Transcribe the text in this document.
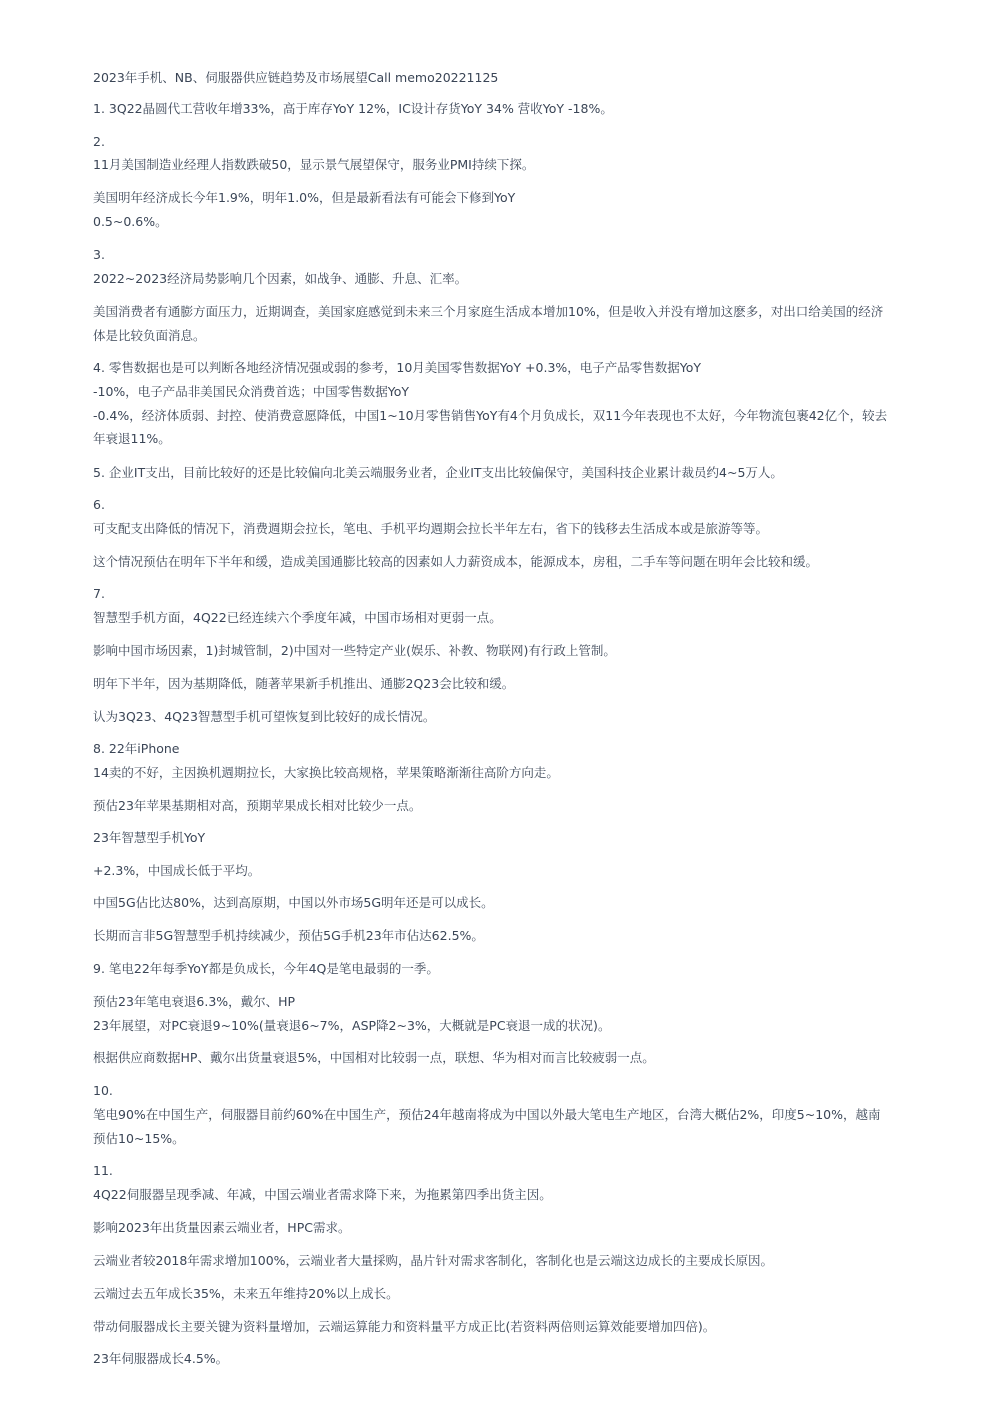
2023年手机、NB、伺服器供应链趋势及市场展望Call memo20221125
1. 3Q22晶圆代工营收年增33%，高于库存YoY 12%，IC设计存货YoY 34% 营收YoY -18%。
2.
11月美国制造业经理人指数跌破50，显示景气展望保守，服务业PMI持续下探。
美国明年经济成长今年1.9%，明年1.0%，但是最新看法有可能会下修到YoY
0.5~0.6%。
3.
2022~2023经济局势影响几个因素，如战争、通膨、升息、汇率。
美国消费者有通膨方面压力，近期调查，美国家庭感觉到未来三个月家庭生活成本增加10%，但是收入并没有增加这麽多，对出口给美国的经济
体是比较负面消息。
4. 零售数据也是可以判断各地经济情况强或弱的参考，10月美国零售数据YoY +0.3%，电子产品零售数据YoY
-10%，电子产品非美国民众消费首选；中国零售数据YoY
-0.4%，经济体质弱、封控、使消费意愿降低，中国1~10月零售销售YoY有4个月负成长，双11今年表现也不太好，今年物流包裹42亿个，较去
年衰退11%。
5. 企业IT支出，目前比较好的还是比较偏向北美云端服务业者，企业IT支出比较偏保守，美国科技企业累计裁员约4~5万人。
6.
可支配支出降低的情况下，消费週期会拉长，笔电、手机平均週期会拉长半年左右，省下的钱移去生活成本或是旅游等等。
这个情况预估在明年下半年和缓，造成美国通膨比较高的因素如人力薪资成本，能源成本，房租，二手车等问题在明年会比较和缓。
7.
智慧型手机方面，4Q22已经连续六个季度年减，中国市场相对更弱一点。
影响中国市场因素，1)封城管制，2)中国对一些特定产业(娱乐、补教、物联网)有行政上管制。
明年下半年，因为基期降低，随著苹果新手机推出、通膨2Q23会比较和缓。
认为3Q23、4Q23智慧型手机可望恢复到比较好的成长情况。
8. 22年iPhone
14卖的不好，主因换机週期拉长，大家换比较高规格，苹果策略渐渐往高阶方向走。
预估23年苹果基期相对高，预期苹果成长相对比较少一点。
23年智慧型手机YoY
+2.3%，中国成长低于平均。
中国5G佔比达80%，达到高原期，中国以外市场5G明年还是可以成长。
长期而言非5G智慧型手机持续减少，预估5G手机23年市佔达62.5%。
9. 笔电22年每季YoY都是负成长，今年4Q是笔电最弱的一季。
预估23年笔电衰退6.3%，戴尔、HP
23年展望，对PC衰退9~10%(量衰退6~7%，ASP降2~3%，大概就是PC衰退一成的状况)。
根据供应商数据HP、戴尔出货量衰退5%，中国相对比较弱一点，联想、华为相对而言比较疲弱一点。
10.
笔电90%在中国生产，伺服器目前约60%在中国生产，预估24年越南将成为中国以外最大笔电生产地区，台湾大概佔2%，印度5~10%，越南
预估10~15%。
11.
4Q22伺服器呈现季减、年减，中国云端业者需求降下来，为拖累第四季出货主因。
影响2023年出货量因素云端业者，HPC需求。
云端业者较2018年需求增加100%，云端业者大量採购，晶片针对需求客制化，客制化也是云端这边成长的主要成长原因。
云端过去五年成长35%，未来五年维持20%以上成长。
带动伺服器成长主要关键为资料量增加，云端运算能力和资料量平方成正比(若资料两倍则运算效能要增加四倍)。
23年伺服器成长4.5%。
